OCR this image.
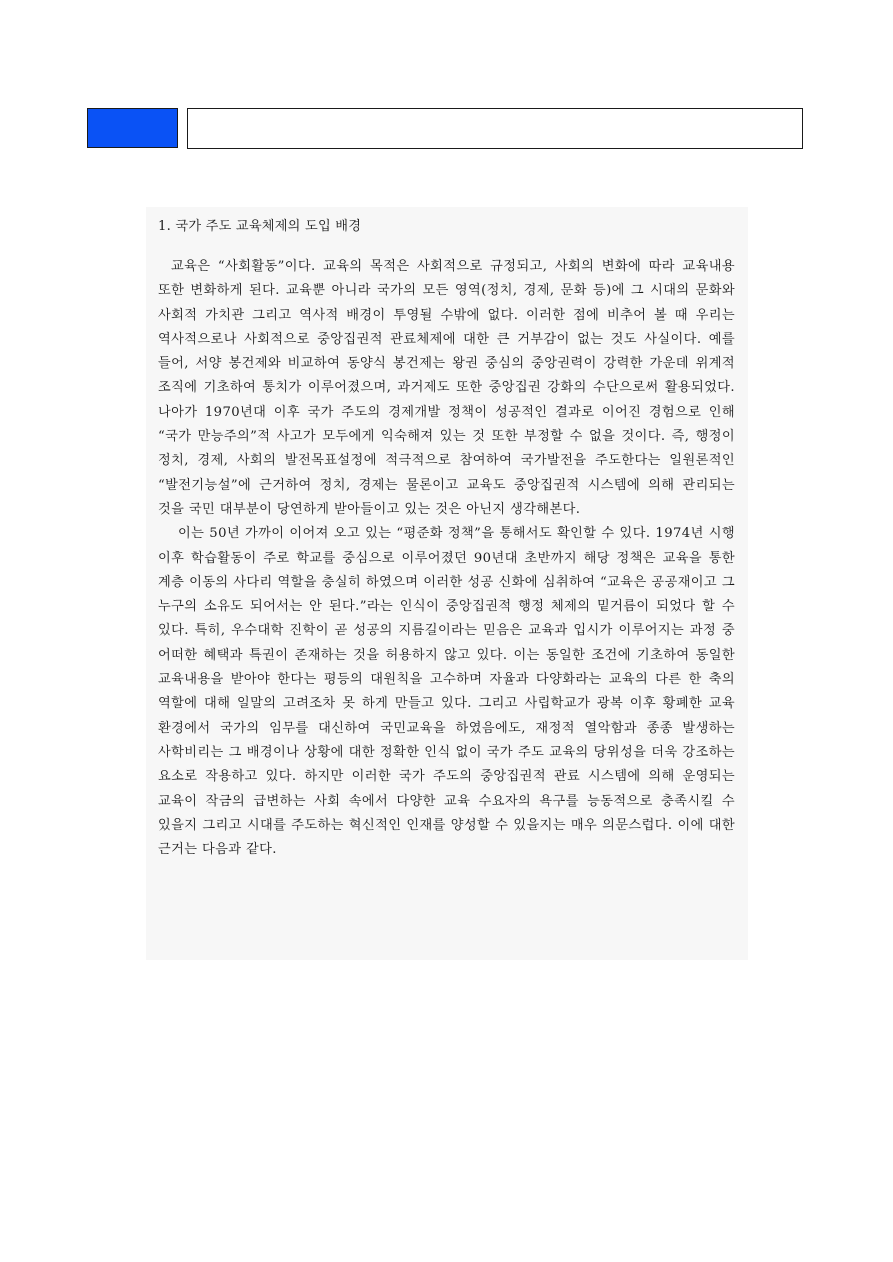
1. 국가 주도 교육체제의 도입 배경

교육은 “사회활동”이다. 교육의 목적은 사회적으로 규정되고, 사회의 변화에 따라 교육내용 또한 변화하게 된다. 교육뿐 아니라 국가의 모든 영역(정치, 경제, 문화 등)에 그 시대의 문화와 사회적 가치관 그리고 역사적 배경이 투영될 수밖에 없다. 이러한 점에 비추어 볼 때 우리는 역사적으로나 사회적으로 중앙집권적 관료체제에 대한 큰 거부감이 없는 것도 사실이다. 예를 들어, 서양 봉건제와 비교하여 동양식 봉건제는 왕권 중심의 중앙권력이 강력한 가운데 위계적 조직에 기초하여 통치가 이루어졌으며, 과거제도 또한 중앙집권 강화의 수단으로써 활용되었다. 나아가 1970년대 이후 국가 주도의 경제개발 정책이 성공적인 결과로 이어진 경험으로 인해 “국가 만능주의”적 사고가 모두에게 익숙해져 있는 것 또한 부정할 수 없을 것이다. 즉, 행정이 정치, 경제, 사회의 발전목표설정에 적극적으로 참여하여 국가발전을 주도한다는 일원론적인 “발전기능설”에 근거하여 정치, 경제는 물론이고 교육도 중앙집권적 시스템에 의해 관리되는 것을 국민 대부분이 당연하게 받아들이고 있는 것은 아닌지 생각해본다.

이는 50년 가까이 이어져 오고 있는 “평준화 정책”을 통해서도 확인할 수 있다. 1974년 시행 이후 학습활동이 주로 학교를 중심으로 이루어졌던 90년대 초반까지 해당 정책은 교육을 통한 계층 이동의 사다리 역할을 충실히 하였으며 이러한 성공 신화에 심취하여 “교육은 공공재이고 그 누구의 소유도 되어서는 안 된다.”라는 인식이 중앙집권적 행정 체제의 밑거름이 되었다 할 수 있다. 특히, 우수대학 진학이 곧 성공의 지름길이라는 믿음은 교육과 입시가 이루어지는 과정 중 어떠한 혜택과 특권이 존재하는 것을 허용하지 않고 있다. 이는 동일한 조건에 기초하여 동일한 교육내용을 받아야 한다는 평등의 대원칙을 고수하며 자율과 다양화라는 교육의 다른 한 축의 역할에 대해 일말의 고려조차 못 하게 만들고 있다. 그리고 사립학교가 광복 이후 황폐한 교육 환경에서 국가의 임무를 대신하여 국민교육을 하였음에도, 재정적 열악함과 종종 발생하는 사학비리는 그 배경이나 상황에 대한 정확한 인식 없이 국가 주도 교육의 당위성을 더욱 강조하는 요소로 작용하고 있다. 하지만 이러한 국가 주도의 중앙집권적 관료 시스템에 의해 운영되는 교육이 작금의 급변하는 사회 속에서 다양한 교육 수요자의 욕구를 능동적으로 충족시킬 수 있을지 그리고 시대를 주도하는 혁신적인 인재를 양성할 수 있을지는 매우 의문스럽다. 이에 대한 근거는 다음과 같다.
